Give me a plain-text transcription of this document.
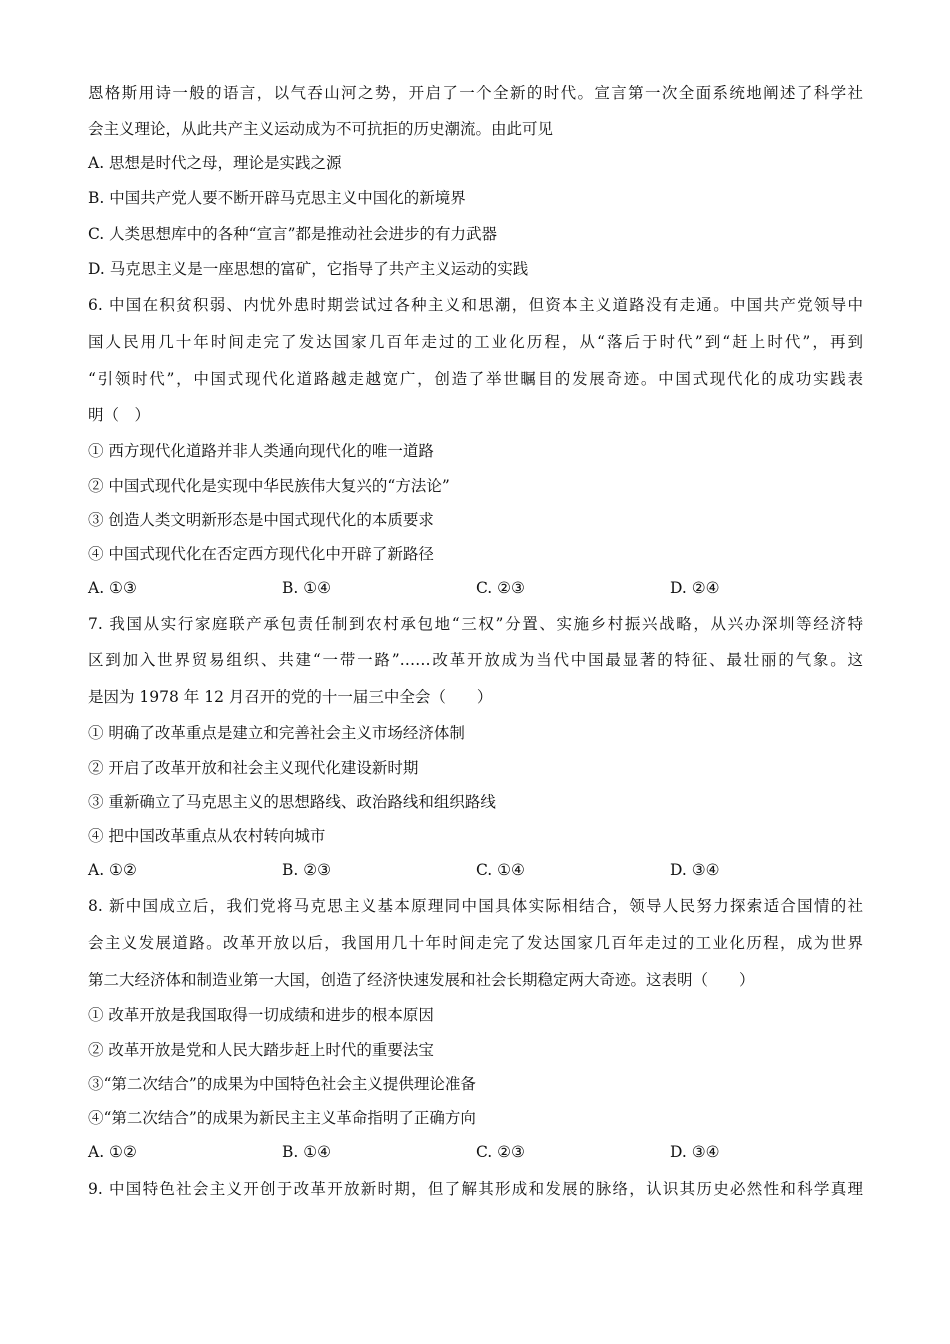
恩格斯用诗一般的语言，以气吞山河之势，开启了一个全新的时代。宣言第一次全面系统地阐述了科学社
会主义理论，从此共产主义运动成为不可抗拒的历史潮流。由此可见
A. 思想是时代之母，理论是实践之源
B. 中国共产党人要不断开辟马克思主义中国化的新境界
C. 人类思想库中的各种“宣言”都是推动社会进步的有力武器
D. 马克思主义是一座思想的富矿，它指导了共产主义运动的实践
6. 中国在积贫积弱、内忧外患时期尝试过各种主义和思潮，但资本主义道路没有走通。中国共产党领导中
国人民用几十年时间走完了发达国家几百年走过的工业化历程，从“落后于时代”到“赶上时代”，再到
“引领时代”，中国式现代化道路越走越宽广，创造了举世瞩目的发展奇迹。中国式现代化的成功实践表
明（　）
① 西方现代化道路并非人类通向现代化的唯一道路
② 中国式现代化是实现中华民族伟大复兴的“方法论”
③ 创造人类文明新形态是中国式现代化的本质要求
④ 中国式现代化在否定西方现代化中开辟了新路径
A. ①③	B. ①④	C. ②③	D. ②④
7. 我国从实行家庭联产承包责任制到农村承包地“三权”分置、实施乡村振兴战略，从兴办深圳等经济特
区到加入世界贸易组织、共建“一带一路”……改革开放成为当代中国最显著的特征、最壮丽的气象。这
是因为 1978 年 12 月召开的党的十一届三中全会（　　）
① 明确了改革重点是建立和完善社会主义市场经济体制
② 开启了改革开放和社会主义现代化建设新时期
③ 重新确立了马克思主义的思想路线、政治路线和组织路线
④ 把中国改革重点从农村转向城市
A. ①②	B. ②③	C. ①④	D. ③④
8. 新中国成立后，我们党将马克思主义基本原理同中国具体实际相结合，领导人民努力探索适合国情的社
会主义发展道路。改革开放以后，我国用几十年时间走完了发达国家几百年走过的工业化历程，成为世界
第二大经济体和制造业第一大国，创造了经济快速发展和社会长期稳定两大奇迹。这表明（　　）
① 改革开放是我国取得一切成绩和进步的根本原因
② 改革开放是党和人民大踏步赶上时代的重要法宝
③“第二次结合”的成果为中国特色社会主义提供理论准备
④“第二次结合”的成果为新民主主义革命指明了正确方向
A. ①②	B. ①④	C. ②③	D. ③④
9. 中国特色社会主义开创于改革开放新时期，但了解其形成和发展的脉络，认识其历史必然性和科学真理
